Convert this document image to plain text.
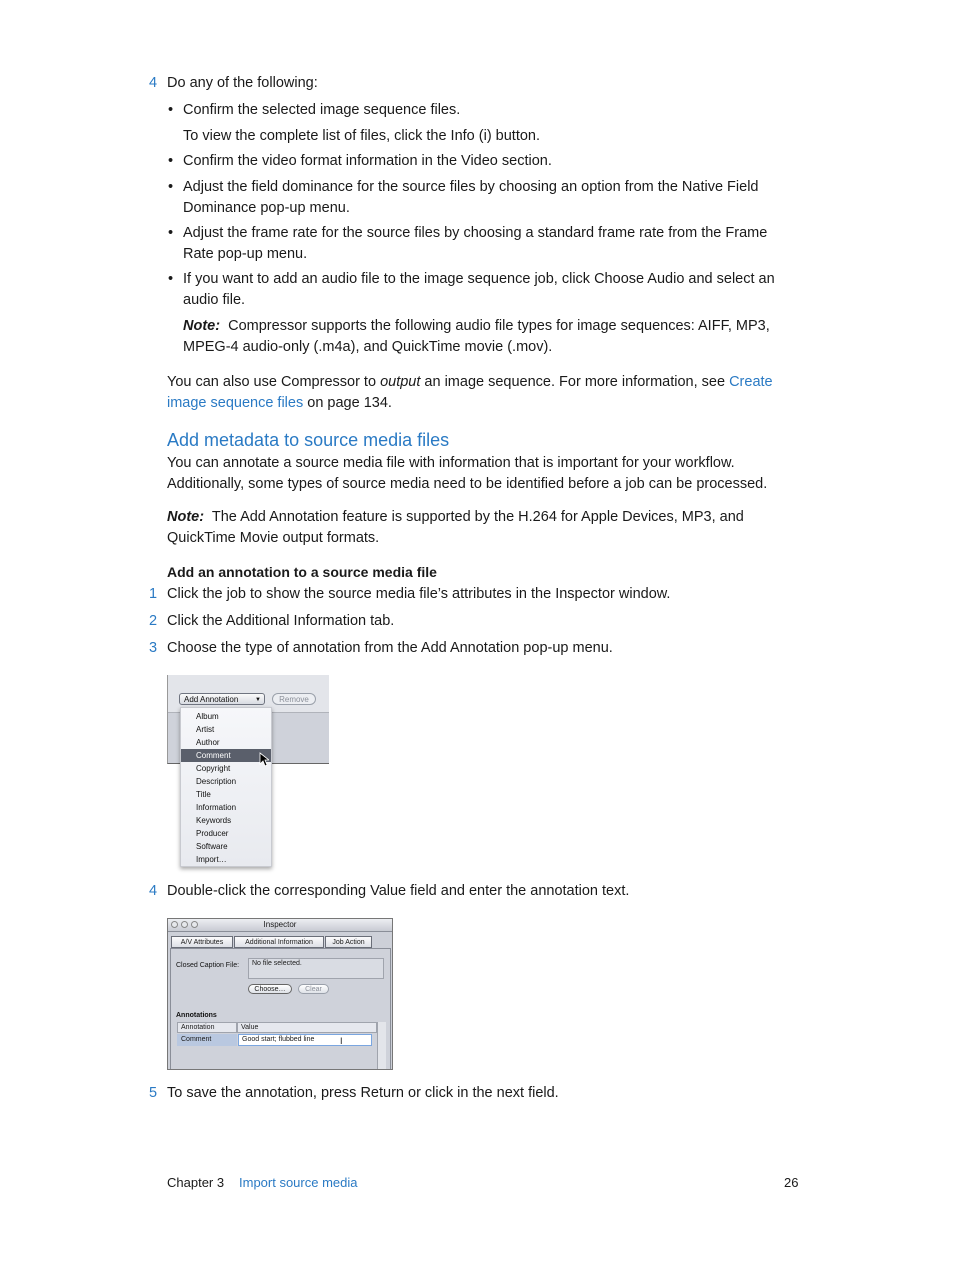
4 Do any of the following:
• Confirm the selected image sequence files.
To view the complete list of files, click the Info (i) button.
• Confirm the video format information in the Video section.
• Adjust the field dominance for the source files by choosing an option from the Native Field Dominance pop-up menu.
• Adjust the frame rate for the source files by choosing a standard frame rate from the Frame Rate pop-up menu.
• If you want to add an audio file to the image sequence job, click Choose Audio and select an audio file.
Note: Compressor supports the following audio file types for image sequences: AIFF, MP3, MPEG-4 audio-only (.m4a), and QuickTime movie (.mov).
You can also use Compressor to output an image sequence. For more information, see Create image sequence files on page 134.
Add metadata to source media files
You can annotate a source media file with information that is important for your workflow. Additionally, some types of source media need to be identified before a job can be processed.
Note: The Add Annotation feature is supported by the H.264 for Apple Devices, MP3, and QuickTime Movie output formats.
Add an annotation to a source media file
1 Click the job to show the source media file’s attributes in the Inspector window.
2 Click the Additional Information tab.
3 Choose the type of annotation from the Add Annotation pop-up menu.
Add Annotation	▼	Remove
Album
Artist
Author
Comment
Copyright
Description
Title
Information
Keywords
Producer
Software
Import…
4 Double-click the corresponding Value field and enter the annotation text.
Inspector
A/V Attributes	Additional Information	Job Action
Closed Caption File:	No file selected.
Choose…	Clear
Annotations
Annotation	Value
Comment	Good start; flubbed line	Ι
5 To save the annotation, press Return or click in the next field.
Chapter 3 Import source media	26
